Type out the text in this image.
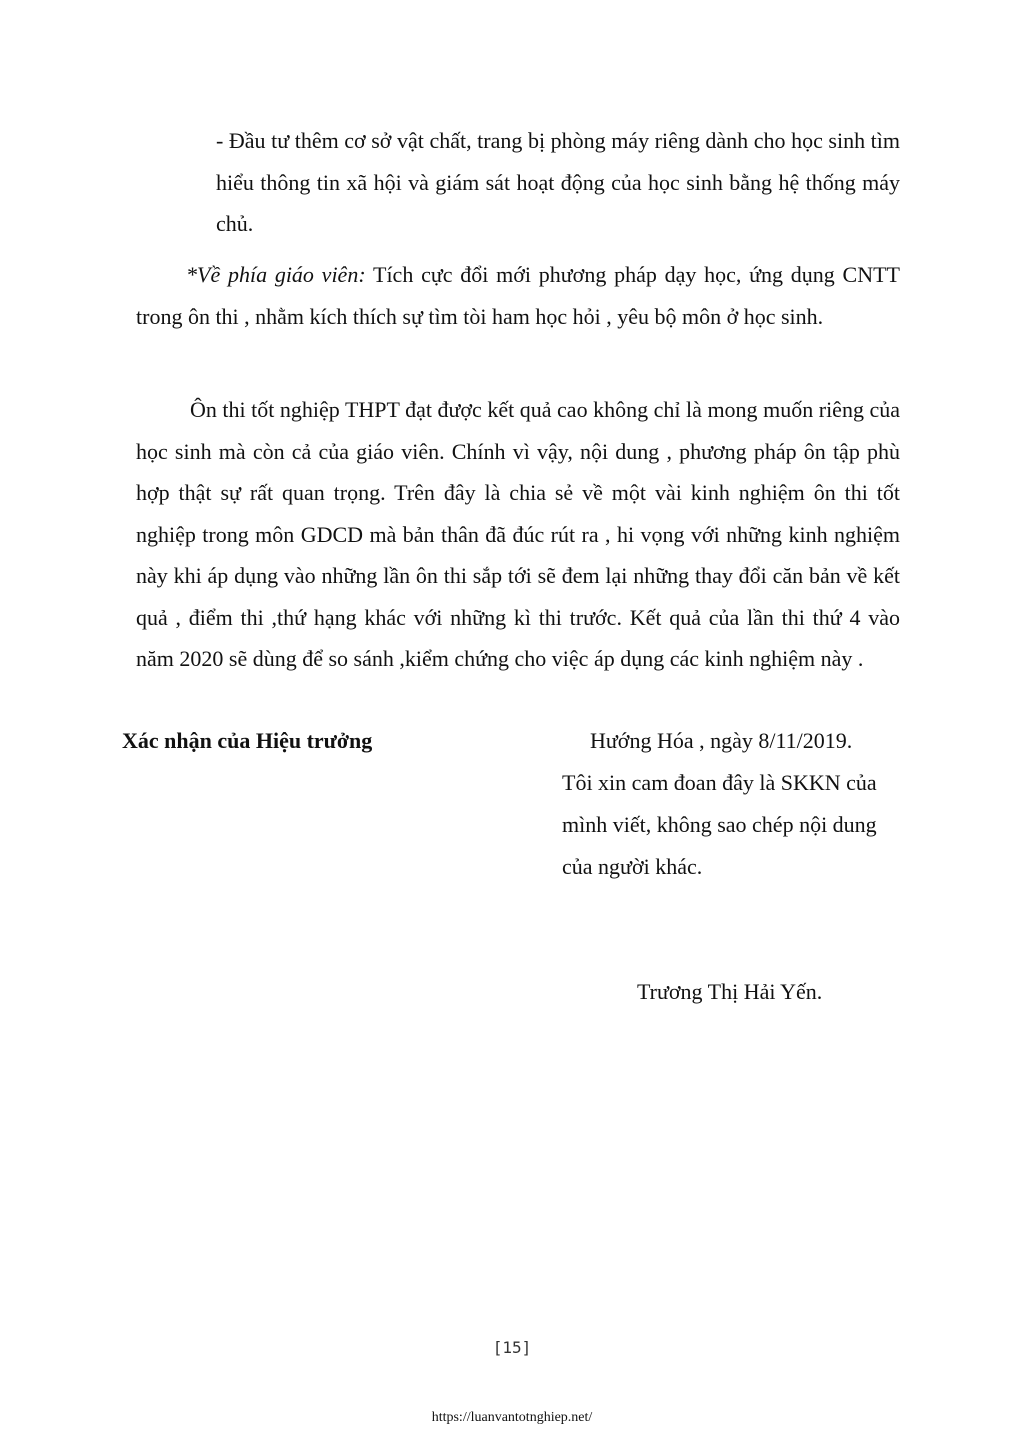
- Đầu tư thêm cơ sở vật chất, trang bị phòng máy riêng dành cho học sinh tìm hiểu thông tin xã hội và giám sát hoạt động của học sinh bằng hệ thống máy chủ.

*Về phía giáo viên: Tích cực đổi mới phương pháp dạy học, ứng dụng CNTT trong ôn thi , nhằm kích thích sự tìm tòi ham học hỏi , yêu bộ môn ở học sinh.

Ôn thi tốt nghiệp THPT đạt được kết quả cao không chỉ là mong muốn riêng của học sinh mà còn cả của giáo viên. Chính vì vậy, nội dung , phương pháp ôn tập phù hợp thật sự rất quan trọng. Trên đây là chia sẻ về một vài kinh nghiệm ôn thi tốt nghiệp trong môn GDCD mà bản thân đã đúc rút ra , hi vọng với những kinh nghiệm này khi áp dụng vào những lần ôn thi sắp tới sẽ đem lại những thay đổi căn bản về kết quả , điểm thi ,thứ hạng khác với những kì thi trước. Kết quả của lần thi thứ 4 vào năm 2020 sẽ dùng để so sánh ,kiểm chứng cho việc áp dụng các kinh nghiệm này .

Xác nhận của Hiệu trưởng	Hướng Hóa , ngày 8/11/2019.

Tôi xin cam đoan đây là SKKN của mình viết, không sao chép nội dung của người khác.

Trương Thị Hải Yến.

[15]
https://luanvantotnghiep.net/
